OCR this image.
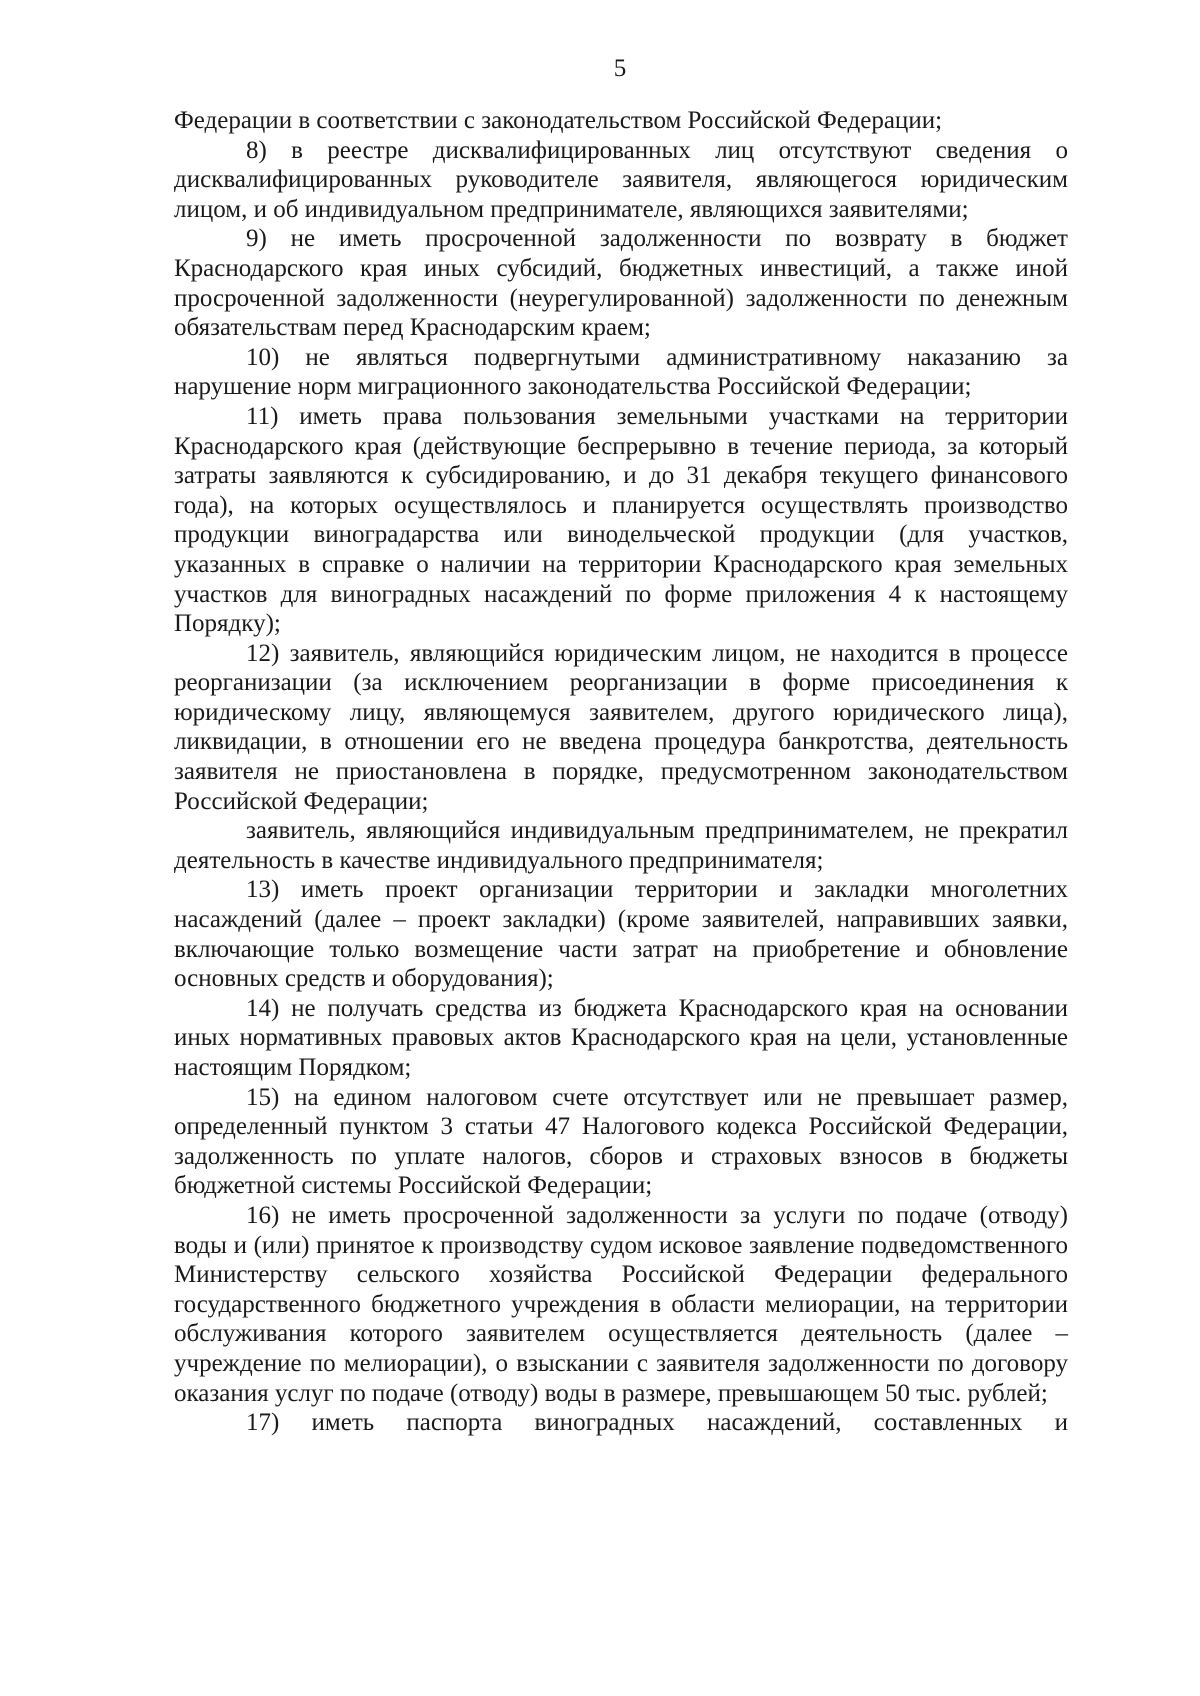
5

Федерации в соответствии с законодательством Российской Федерации;

8) в реестре дисквалифицированных лиц отсутствуют сведения о дисквалифицированных руководителе заявителя, являющегося юридическим лицом, и об индивидуальном предпринимателе, являющихся заявителями;

9) не иметь просроченной задолженности по возврату в бюджет Краснодарского края иных субсидий, бюджетных инвестиций, а также иной просроченной задолженности (неурегулированной) задолженности по денежным обязательствам перед Краснодарским краем;

10) не являться подвергнутыми административному наказанию за нарушение норм миграционного законодательства Российской Федерации;

11) иметь права пользования земельными участками на территории Краснодарского края (действующие беспрерывно в течение периода, за который затраты заявляются к субсидированию, и до 31 декабря текущего финансового года), на которых осуществлялось и планируется осуществлять производство продукции виноградарства или винодельческой продукции (для участков, указанных в справке о наличии на территории Краснодарского края земельных участков для виноградных насаждений по форме приложения 4 к настоящему Порядку);

12) заявитель, являющийся юридическим лицом, не находится в процессе реорганизации (за исключением реорганизации в форме присоединения к юридическому лицу, являющемуся заявителем, другого юридического лица), ликвидации, в отношении его не введена процедура банкротства, деятельность заявителя не приостановлена в порядке, предусмотренном законодательством Российской Федерации;

заявитель, являющийся индивидуальным предпринимателем, не прекратил деятельность в качестве индивидуального предпринимателя;

13) иметь проект организации территории и закладки многолетних насаждений (далее – проект закладки) (кроме заявителей, направивших заявки, включающие только возмещение части затрат на приобретение и обновление основных средств и оборудования);

14) не получать средства из бюджета Краснодарского края на основании иных нормативных правовых актов Краснодарского края на цели, установленные настоящим Порядком;

15) на едином налоговом счете отсутствует или не превышает размер, определенный пунктом 3 статьи 47 Налогового кодекса Российской Федерации, задолженность по уплате налогов, сборов и страховых взносов в бюджеты бюджетной системы Российской Федерации;

16) не иметь просроченной задолженности за услуги по подаче (отводу) воды и (или) принятое к производству судом исковое заявление подведомственного Министерству сельского хозяйства Российской Федерации федерального государственного бюджетного учреждения в области мелиорации, на территории обслуживания которого заявителем осуществляется деятельность (далее – учреждение по мелиорации), о взыскании с заявителя задолженности по договору оказания услуг по подаче (отводу) воды в размере, превышающем 50 тыс. рублей;

17) иметь паспорта виноградных насаждений, составленных и
